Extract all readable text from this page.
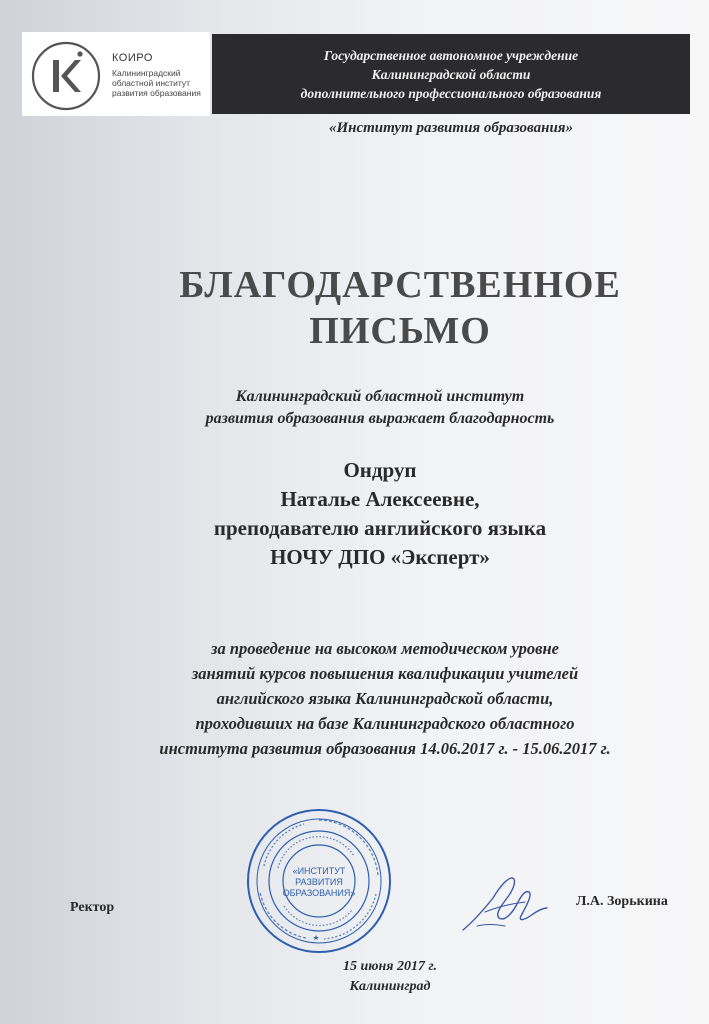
КОИРО
Калининградский
областной институт
развития образования
Государственное автономное учреждение
Калининградской области
дополнительного профессионального образования
«Институт развития образования»
БЛАГОДАРСТВЕННОЕ
ПИСЬМО
Калининградский областной институт
развития образования выражает благодарность
Ондруп
Наталье Алексеевне,
преподавателю английского языка
НОЧУ ДПО «Эксперт»
за проведение на высоком методическом уровне
занятий курсов повышения квалификации учителей
английского языка Калининградской области,
проходивших на базе Калининградского областного
института развития образования 14.06.2017 г. - 15.06.2017 г.
Ректор
«ИНСТИТУТ
РАЗВИТИЯ
ОБРАЗОВАНИЯ»
Л.А. Зорькина
15 июня 2017 г.
Калининград
